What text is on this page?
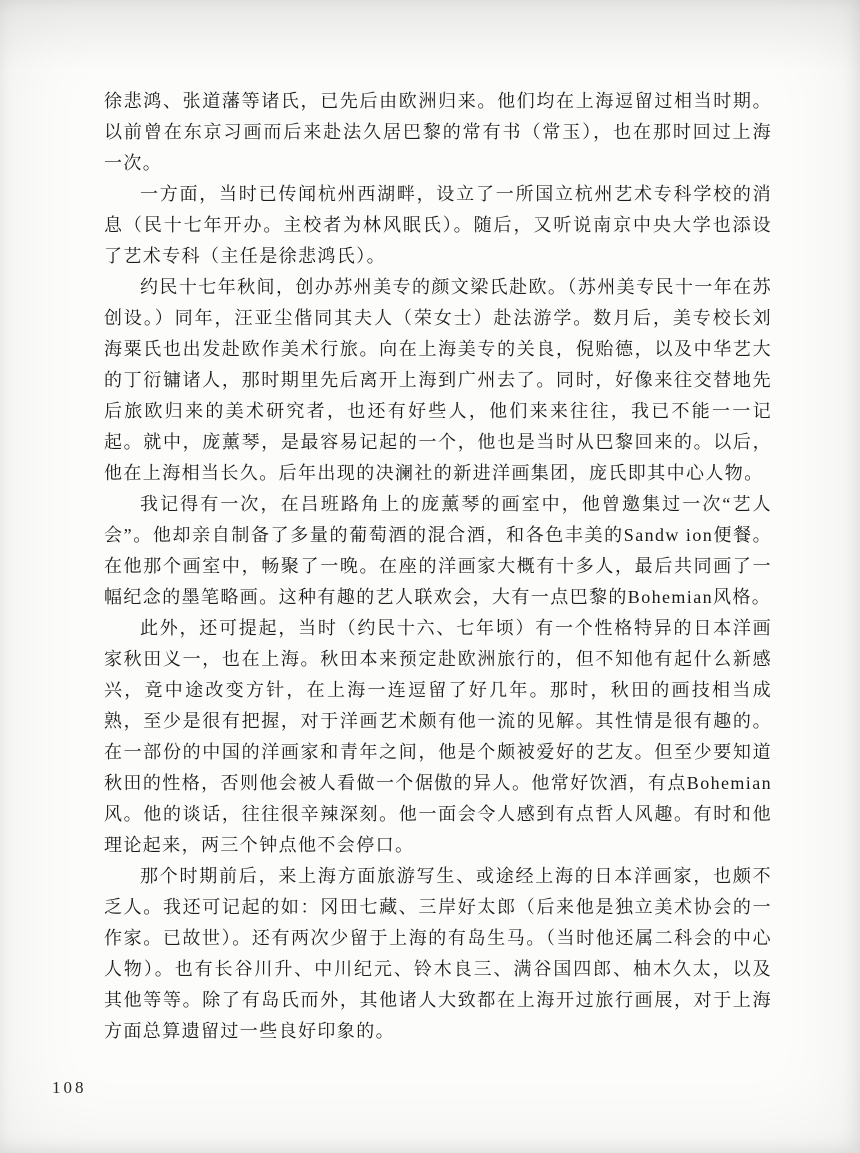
徐悲鸿、张道藩等诸氏，已先后由欧洲归来。他们均在上海逗留过相当时期。以前曾在东京习画而后来赴法久居巴黎的常有书（常玉），也在那时回过上海一次。

一方面，当时已传闻杭州西湖畔，设立了一所国立杭州艺术专科学校的消息（民十七年开办。主校者为林风眠氏）。随后，又听说南京中央大学也添设了艺术专科（主任是徐悲鸿氏）。

约民十七年秋间，创办苏州美专的颜文梁氏赴欧。（苏州美专民十一年在苏创设。）同年，汪亚尘偕同其夫人（荣女士）赴法游学。数月后，美专校长刘海粟氏也出发赴欧作美术行旅。向在上海美专的关良，倪贻德，以及中华艺大的丁衍镛诸人，那时期里先后离开上海到广州去了。同时，好像来往交替地先后旅欧归来的美术研究者，也还有好些人，他们来来往往，我已不能一一记起。就中，庞薰琴，是最容易记起的一个，他也是当时从巴黎回来的。以后，他在上海相当长久。后年出现的决澜社的新进洋画集团，庞氏即其中心人物。

我记得有一次，在吕班路角上的庞薰琴的画室中，他曾邀集过一次“艺人会”。他却亲自制备了多量的葡萄酒的混合酒，和各色丰美的Sandw ion便餐。在他那个画室中，畅聚了一晚。在座的洋画家大概有十多人，最后共同画了一幅纪念的墨笔略画。这种有趣的艺人联欢会，大有一点巴黎的Bohemian风格。

此外，还可提起，当时（约民十六、七年顷）有一个性格特异的日本洋画家秋田义一，也在上海。秋田本来预定赴欧洲旅行的，但不知他有起什么新感兴，竟中途改变方针，在上海一连逗留了好几年。那时，秋田的画技相当成熟，至少是很有把握，对于洋画艺术颇有他一流的见解。其性情是很有趣的。在一部份的中国的洋画家和青年之间，他是个颇被爱好的艺友。但至少要知道秋田的性格，否则他会被人看做一个倨傲的异人。他常好饮酒，有点Bohemian风。他的谈话，往往很辛辣深刻。他一面会令人感到有点哲人风趣。有时和他理论起来，两三个钟点他不会停口。

那个时期前后，来上海方面旅游写生、或途经上海的日本洋画家，也颇不乏人。我还可记起的如：冈田七藏、三岸好太郎（后来他是独立美术协会的一作家。已故世）。还有两次少留于上海的有岛生马。（当时他还属二科会的中心人物）。也有长谷川升、中川纪元、铃木良三、满谷国四郎、柚木久太，以及其他等等。除了有岛氏而外，其他诸人大致都在上海开过旅行画展，对于上海方面总算遗留过一些良好印象的。

108
